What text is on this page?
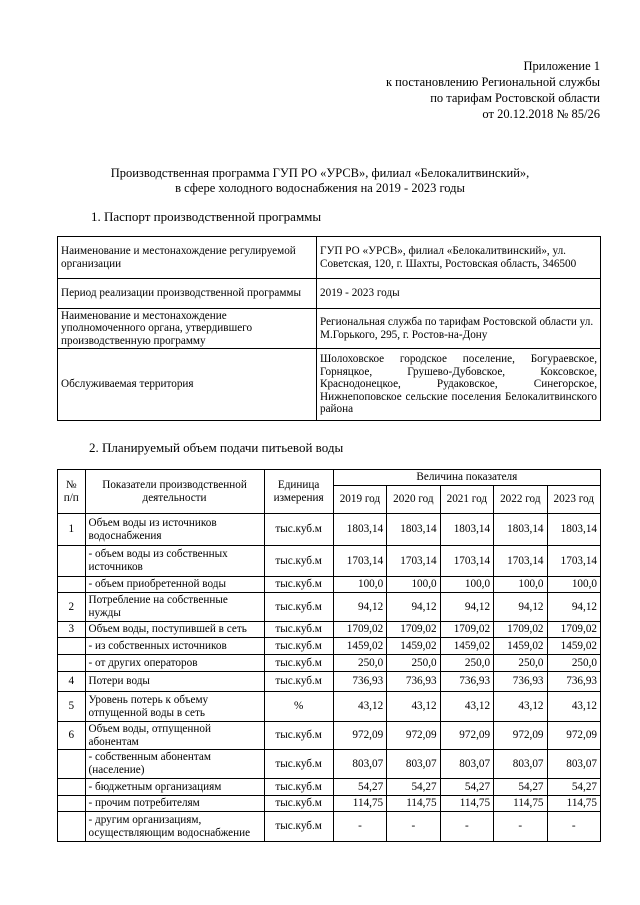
Приложение 1
к постановлению Региональной службы
по тарифам Ростовской области
от 20.12.2018 № 85/26
Производственная программа ГУП РО «УРСВ», филиал «Белокалитвинский»,
в сфере холодного водоснабжения на 2019 - 2023 годы
1. Паспорт производственной программы
Наименование и местонахождение регулируемой организации	ГУП РО «УРСВ», филиал «Белокалитвинский», ул. Советская, 120, г. Шахты, Ростовская область, 346500
Период реализации производственной программы	2019 - 2023 годы
Наименование и местонахождение уполномоченного органа, утвердившего производственную программу	Региональная служба по тарифам Ростовской области ул. М.Горького, 295, г. Ростов-на-Дону
Обслуживаемая территория	Шолоховское городское поселение, Богураевское, Горняцкое, Грушево-Дубовское, Коксовское, Краснодонецкое, Рудаковское, Синегорское, Нижнепоповское сельские поселения Белокалитвинского района
2. Планируемый объем подачи питьевой воды
№ п/п	Показатели производственной деятельности	Единица измерения	Величина показателя				
			2019 год	2020 год	2021 год	2022 год	2023 год
1	Объем воды из источников водоснабжения	тыс.куб.м	1803,14	1803,14	1803,14	1803,14	1803,14
	- объем воды из собственных источников	тыс.куб.м	1703,14	1703,14	1703,14	1703,14	1703,14
	- объем приобретенной воды	тыс.куб.м	100,0	100,0	100,0	100,0	100,0
2	Потребление на собственные нужды	тыс.куб.м	94,12	94,12	94,12	94,12	94,12
3	Объем воды, поступившей в сеть	тыс.куб.м	1709,02	1709,02	1709,02	1709,02	1709,02
	- из собственных источников	тыс.куб.м	1459,02	1459,02	1459,02	1459,02	1459,02
	- от других операторов	тыс.куб.м	250,0	250,0	250,0	250,0	250,0
4	Потери воды	тыс.куб.м	736,93	736,93	736,93	736,93	736,93
5	Уровень потерь к объему отпущенной воды в сеть	%	43,12	43,12	43,12	43,12	43,12
6	Объем воды, отпущенной абонентам	тыс.куб.м	972,09	972,09	972,09	972,09	972,09
	- собственным абонентам (население)	тыс.куб.м	803,07	803,07	803,07	803,07	803,07
	- бюджетным организациям	тыс.куб.м	54,27	54,27	54,27	54,27	54,27
	- прочим потребителям	тыс.куб.м	114,75	114,75	114,75	114,75	114,75
	- другим организациям, осуществляющим водоснабжение	тыс.куб.м	-	-	-	-	-
